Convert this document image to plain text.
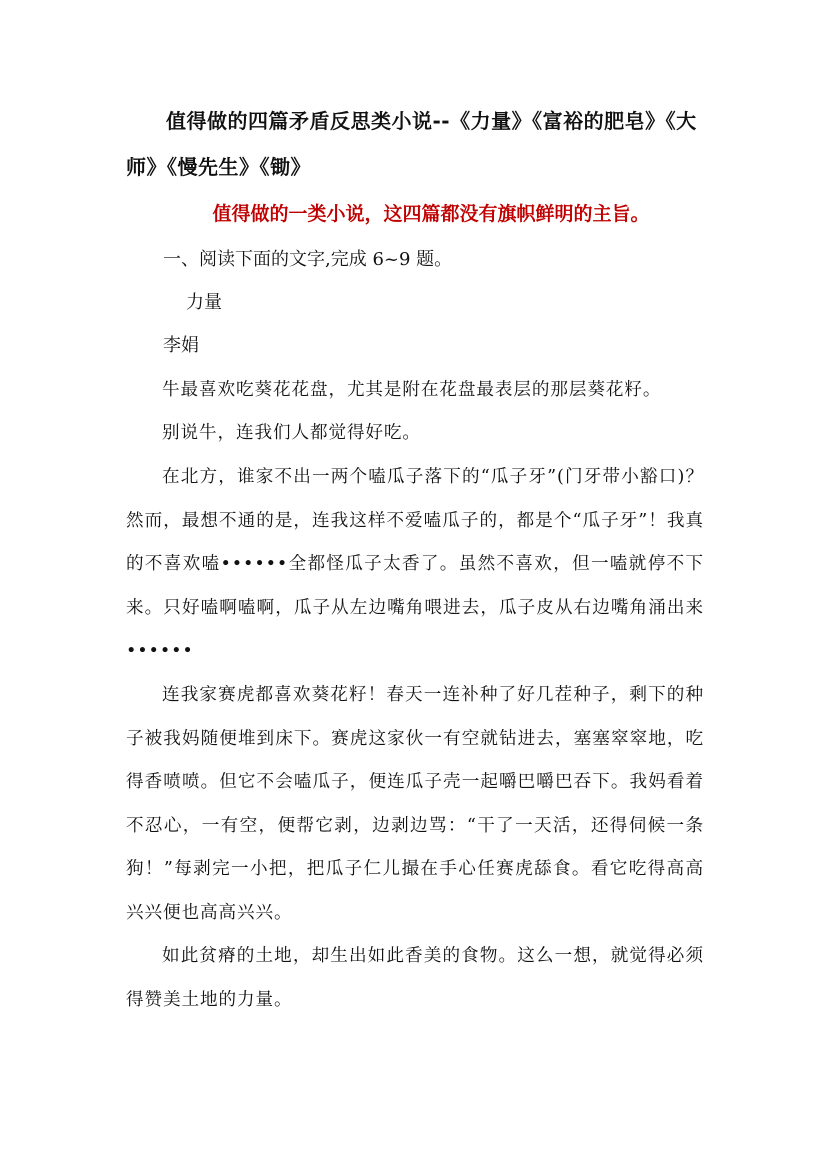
值得做的四篇矛盾反思类小说--《力量》《富裕的肥皂》《大师》《慢先生》《锄》

值得做的一类小说，这四篇都没有旗帜鲜明的主旨。

一、阅读下面的文字,完成 6~9 题。

力量

李娟

牛最喜欢吃葵花花盘，尤其是附在花盘最表层的那层葵花籽。

别说牛，连我们人都觉得好吃。

在北方，谁家不出一两个嗑瓜子落下的“瓜子牙”(门牙带小豁口)？然而，最想不通的是，连我这样不爱嗑瓜子的，都是个“瓜子牙”！我真的不喜欢嗑••••••全都怪瓜子太香了。虽然不喜欢，但一嗑就停不下来。只好嗑啊嗑啊，瓜子从左边嘴角喂进去，瓜子皮从右边嘴角涌出来••••••

连我家赛虎都喜欢葵花籽！春天一连补种了好几茬种子，剩下的种子被我妈随便堆到床下。赛虎这家伙一有空就钻进去，塞塞窣窣地，吃得香喷喷。但它不会嗑瓜子，便连瓜子壳一起嚼巴嚼巴吞下。我妈看着不忍心，一有空，便帮它剥，边剥边骂：“干了一天活，还得伺候一条狗！”每剥完一小把，把瓜子仁儿撮在手心任赛虎舔食。看它吃得高高兴兴便也高高兴兴。

如此贫瘠的土地，却生出如此香美的食物。这么一想，就觉得必须得赞美土地的力量。
